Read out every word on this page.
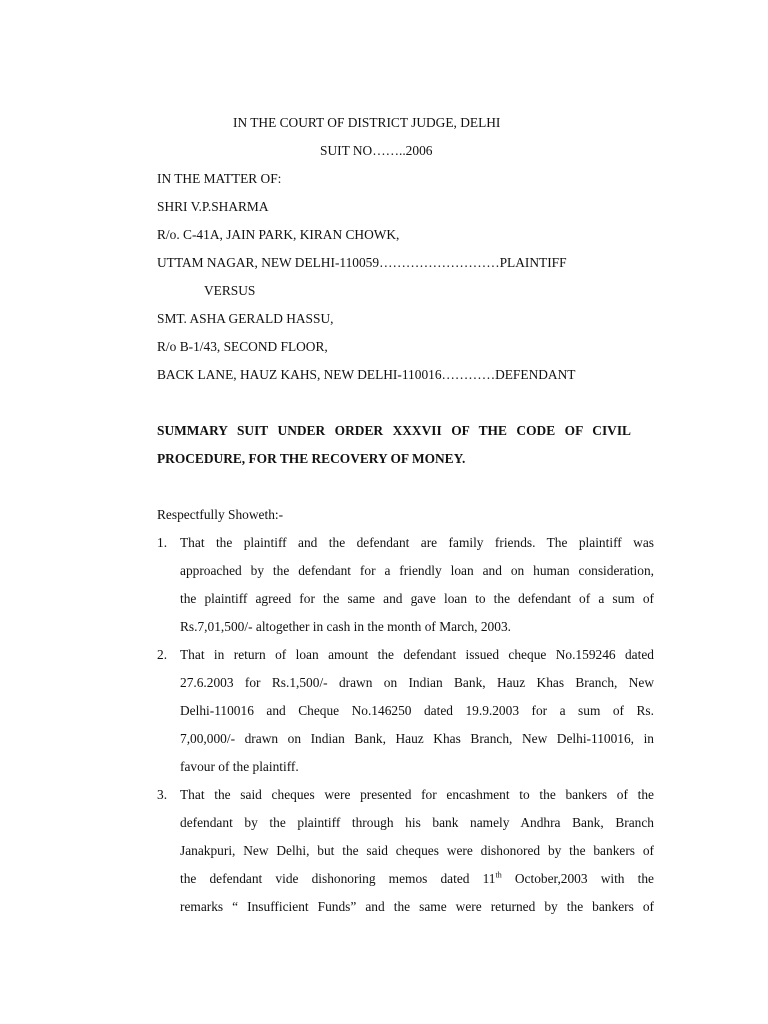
IN THE COURT OF DISTRICT JUDGE, DELHI
SUIT NO……..2006
IN THE MATTER OF:
SHRI V.P.SHARMA
R/o. C-41A, JAIN PARK, KIRAN CHOWK,
UTTAM NAGAR, NEW DELHI-110059………………………PLAINTIFF
VERSUS
SMT. ASHA GERALD HASSU,
R/o B-1/43, SECOND FLOOR,
BACK LANE, HAUZ KAHS, NEW DELHI-110016…………DEFENDANT
SUMMARY SUIT UNDER ORDER XXXVII OF THE CODE OF CIVIL
PROCEDURE, FOR THE RECOVERY OF MONEY.
Respectfully Showeth:-
1. That the plaintiff and the defendant are family friends. The plaintiff was
approached by the defendant for a friendly loan and on human consideration,
the plaintiff agreed for the same and gave loan to the defendant of a sum of
Rs.7,01,500/- altogether in cash in the month of March, 2003.
2. That in return of loan amount the defendant issued cheque No.159246 dated
27.6.2003 for Rs.1,500/- drawn on Indian Bank, Hauz Khas Branch, New
Delhi-110016 and Cheque No.146250 dated 19.9.2003 for a sum of Rs.
7,00,000/- drawn on Indian Bank, Hauz Khas Branch, New Delhi-110016, in
favour of the plaintiff.
3. That the said cheques were presented for encashment to the bankers of the
defendant by the plaintiff through his bank namely Andhra Bank, Branch
Janakpuri, New Delhi, but the said cheques were dishonored by the bankers of
the defendant vide dishonoring memos dated 11th October,2003 with the
remarks “ Insufficient Funds” and the same were returned by the bankers of
